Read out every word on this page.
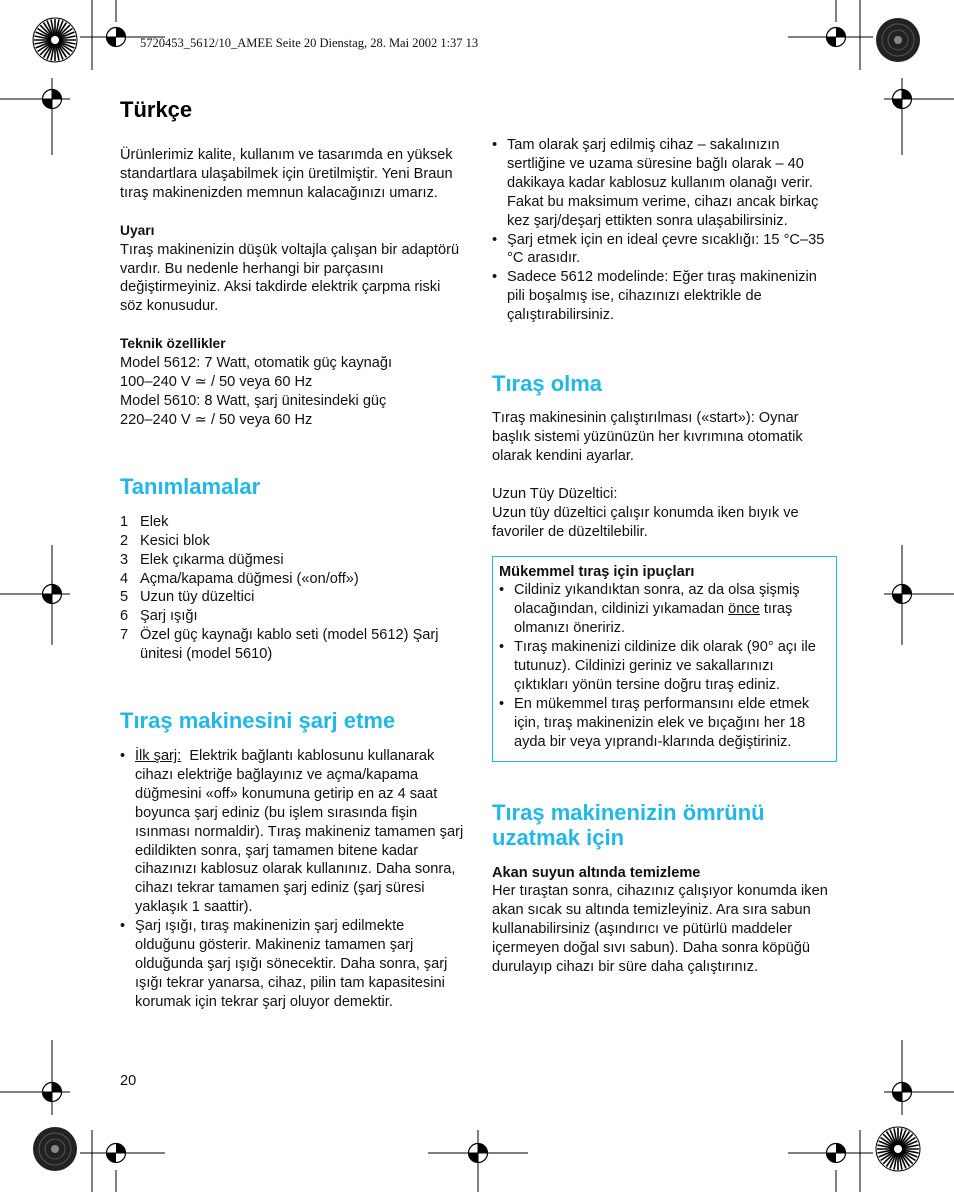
5720453_5612/10_AMEE Seite 20 Dienstag, 28. Mai 2002 1:37 13
Türkçe

Ürünlerimiz kalite, kullanım ve tasarımda en yüksek standartlara ulaşabilmek için üretilmiştir. Yeni Braun tıraş makinenizden memnun kalacağınızı umarız.

Uyarı

Tıraş makinenizin düşük voltajla çalışan bir adaptörü vardır. Bu nedenle herhangi bir parçasını değiştirmeyiniz. Aksi takdirde elektrik çarpma riski söz konusudur.

Teknik özellikler

Model 5612: 7 Watt, otomatik güç kaynağı

100–240 V ≃ / 50 veya 60 Hz

Model 5610: 8 Watt, şarj ünitesindeki güç

220–240 V ≃ / 50 veya 60 Hz

Tanımlamalar
1 Elek
2 Kesici blok
3 Elek çıkarma düğmesi
4 Açma/kapama düğmesi («on/off»)
5 Uzun tüy düzeltici
6 Şarj ışığı
7 Özel güç kaynağı kablo seti (model 5612) Şarj ünitesi (model 5610)
Tıraş makinesini şarj etme
• İlk şarj: Elektrik bağlantı kablosunu kullanarak cihazı elektriğe bağlayınız ve açma/kapama düğmesini «off» konumuna getirip en az 4 saat boyunca şarj ediniz (bu işlem sırasında fişin ısınması normaldir). Tıraş makineniz tamamen şarj edildikten sonra, şarj tamamen bitene kadar cihazınızı kablosuz olarak kullanınız. Daha sonra, cihazı tekrar tamamen şarj ediniz (şarj süresi yaklaşık 1 saattir).
• Şarj ışığı, tıraş makinenizin şarj edilmekte olduğunu gösterir. Makineniz tamamen şarj olduğunda şarj ışığı sönecektir. Daha sonra, şarj ışığı tekrar yanarsa, cihaz, pilin tam kapasitesini korumak için tekrar şarj oluyor demektir.
• Tam olarak şarj edilmiş cihaz – sakalınızın sertliğine ve uzama süresine bağlı olarak – 40 dakikaya kadar kablosuz kullanım olanağı verir. Fakat bu maksimum verime, cihazı ancak birkaç kez şarj/deşarj ettikten sonra ulaşabilirsiniz.
• Şarj etmek için en ideal çevre sıcaklığı: 15 °C–35 °C arasıdır.
• Sadece 5612 modelinde: Eğer tıraş makinenizin pili boşalmış ise, cihazınızı elektrikle de çalıştırabilirsiniz.
Tıraş olma

Tıraş makinesinin çalıştırılması («start»): Oynar başlık sistemi yüzünüzün her kıvrımına otomatik olarak kendini ayarlar.

Uzun Tüy Düzeltici:

Uzun tüy düzeltici çalışır konumda iken bıyık ve favoriler de düzeltilebilir.

Mükemmel tıraş için ipuçları

• Cildiniz yıkandıktan sonra, az da olsa şişmiş olacağından, cildinizi yıkamadan önce tıraş olmanızı öneririz.
• Tıraş makinenizi cildinize dik olarak (90° açı ile tutunuz). Cildinizi geriniz ve sakallarınızı çıktıkları yönün tersine doğru tıraş ediniz.
• En mükemmel tıraş performansını elde etmek için, tıraş makinenizin elek ve bıçağını her 18 ayda bir veya yıprandı-klarında değiştiriniz.
Tıraş makinenizin ömrünü uzatmak için

Akan suyun altında temizleme

Her tıraştan sonra, cihazınız çalışıyor konumda iken akan sıcak su altında temizleyiniz. Ara sıra sabun kullanabilirsiniz (aşındırıcı ve pütürlü maddeler içermeyen doğal sıvı sabun). Daha sonra köpüğü durulayıp cihazı bir süre daha çalıştırınız.

20
